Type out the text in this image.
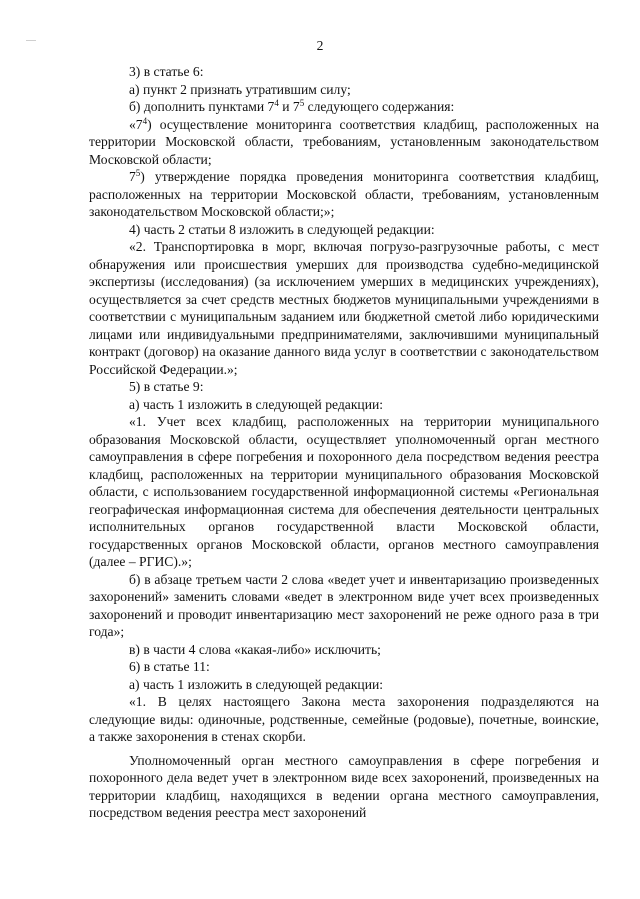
2

3) в статье 6:

а) пункт 2 признать утратившим силу;

б) дополнить пунктами $7^4$ и $7^5$ следующего содержания:

«$7^4$) осуществление мониторинга соответствия кладбищ, расположенных на территории Московской области, требованиям, установленным законодательством Московской области;

$7^5$) утверждение порядка проведения мониторинга соответствия кладбищ, расположенных на территории Московской области, требованиям, установленным законодательством Московской области;»;

4) часть 2 статьи 8 изложить в следующей редакции:

«2. Транспортировка в морг, включая погрузо-разгрузочные работы, с мест обнаружения или происшествия умерших для производства судебно-медицинской экспертизы (исследования) (за исключением умерших в медицинских учреждениях), осуществляется за счет средств местных бюджетов муниципальными учреждениями в соответствии с муниципальным заданием или бюджетной сметой либо юридическими лицами или индивидуальными предпринимателями, заключившими муниципальный контракт (договор) на оказание данного вида услуг в соответствии с законодательством Российской Федерации.»;

5) в статье 9:

а) часть 1 изложить в следующей редакции:

«1. Учет всех кладбищ, расположенных на территории муниципального образования Московской области, осуществляет уполномоченный орган местного самоуправления в сфере погребения и похоронного дела посредством ведения реестра кладбищ, расположенных на территории муниципального образования Московской области, с использованием государственной информационной системы «Региональная географическая информационная система для обеспечения деятельности центральных исполнительных органов государственной власти Московской области, государственных органов Московской области, органов местного самоуправления (далее – РГИС).»;

б) в абзаце третьем части 2 слова «ведет учет и инвентаризацию произведенных захоронений» заменить словами «ведет в электронном виде учет всех произведенных захоронений и проводит инвентаризацию мест захоронений не реже одного раза в три года»;

в) в части 4 слова «какая-либо» исключить;

6) в статье 11:

а) часть 1 изложить в следующей редакции:

«1. В целях настоящего Закона места захоронения подразделяются на следующие виды: одиночные, родственные, семейные (родовые), почетные, воинские, а также захоронения в стенах скорби.

Уполномоченный орган местного самоуправления в сфере погребения и похоронного дела ведет учет в электронном виде всех захоронений, произведенных на территории кладбищ, находящихся в ведении органа местного самоуправления, посредством ведения реестра мест захоронений
